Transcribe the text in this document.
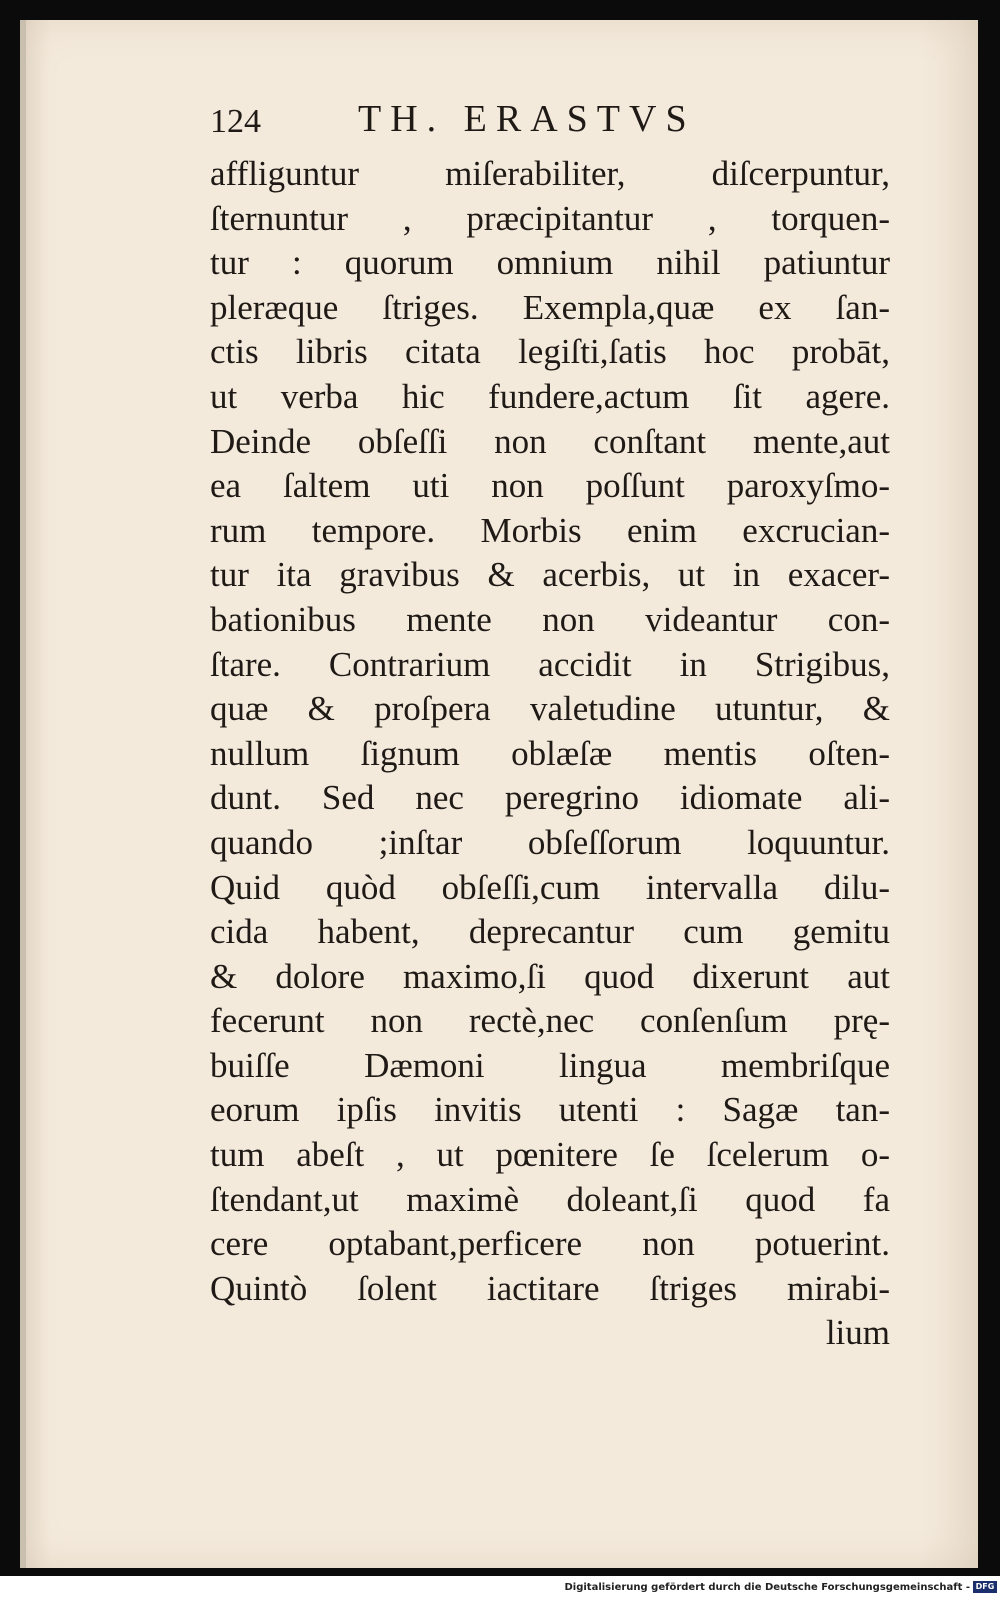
124	TH. ERASTVS
affliguntur miſerabiliter, diſcerpuntur,
ſternuntur , præcipitantur , torquen-
tur : quorum omnium nihil patiuntur
pleræque ſtriges. Exempla,quæ ex ſan-
ctis libris citata legiſti,ſatis hoc probāt,
ut verba hic fundere,actum ſit agere.
Deinde obſeſſi non conſtant mente,aut
ea ſaltem uti non poſſunt paroxyſmo-
rum tempore. Morbis enim excrucian-
tur ita gravibus & acerbis, ut in exacer-
bationibus mente non videantur con-
ſtare. Contrarium accidit in Strigibus,
quæ & proſpera valetudine utuntur, &
nullum ſignum oblæſæ mentis oſten-
dunt. Sed nec peregrino idiomate ali-
quando ;inſtar obſeſſorum loquuntur.
Quid quòd obſeſſi,cum intervalla dilu-
cida habent, deprecantur cum gemitu
& dolore maximo,ſi quod dixerunt aut
fecerunt non rectè,nec conſenſum prę-
buiſſe Dæmoni lingua membriſque
eorum ipſis invitis utenti : Sagæ tan-
tum abeſt , ut pœnitere ſe ſcelerum o-
ſtendant,ut maximè doleant,ſi quod fa
cere optabant,perficere non potuerint.
Quintò ſolent iactitare ſtriges mirabi-
lium
Digitalisierung gefördert durch die Deutsche Forschungsgemeinschaft - DFG
